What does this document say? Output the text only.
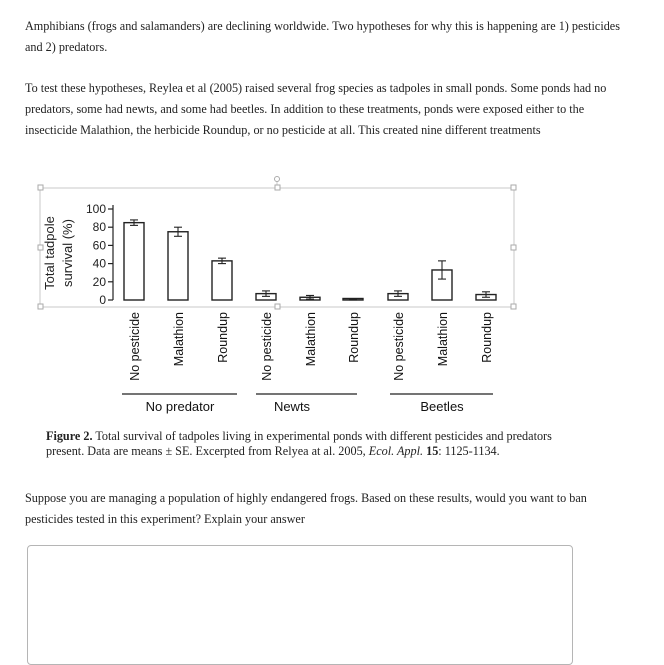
Amphibians (frogs and salamanders) are declining worldwide. Two hypotheses for why this is happening are 1) pesticides and 2) predators.

To test these hypotheses, Reylea et al (2005) raised several frog species as tadpoles in small ponds. Some ponds had no predators, some had newts, and some had beetles. In addition to these treatments, ponds were exposed either to the insecticide Malathion, the herbicide Roundup, or no pesticide at all. This created nine different treatments

Total tadpole survival (%)
0
20
40
60
80
100
No pesticide Malathion Roundup No pesticide Malathion Roundup No pesticide Malathion Roundup
No predator	Newts	Beetles

Figure 2. Total survival of tadpoles living in experimental ponds with different pesticides and predators present. Data are means ± SE. Excerpted from Relyea at al. 2005, Ecol. Appl. 15: 1125-1134.

Suppose you are managing a population of highly endangered frogs. Based on these results, would you want to ban pesticides tested in this experiment? Explain your answer
